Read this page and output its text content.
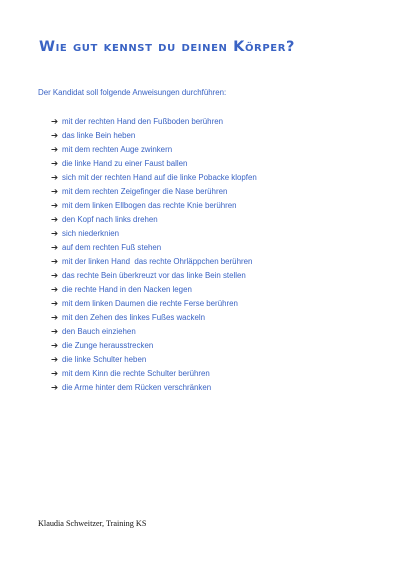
Wie gut kennst du deinen Körper?
Der Kandidat soll folgende Anweisungen durchführen:
➔ mit der rechten Hand den Fußboden berühren
➔ das linke Bein heben
➔ mit dem rechten Auge zwinkern
➔ die linke Hand zu einer Faust ballen
➔ sich mit der rechten Hand auf die linke Pobacke klopfen
➔ mit dem rechten Zeigefinger die Nase berühren
➔ mit dem linken Ellbogen das rechte Knie berühren
➔ den Kopf nach links drehen
➔ sich niederknien
➔ auf dem rechten Fuß stehen
➔ mit der linken Hand  das rechte Ohrläppchen berühren
➔ das rechte Bein überkreuzt vor das linke Bein stellen
➔ die rechte Hand in den Nacken legen
➔ mit dem linken Daumen die rechte Ferse berühren
➔ mit den Zehen des linkes Fußes wackeln
➔ den Bauch einziehen
➔ die Zunge herausstrecken
➔ die linke Schulter heben
➔ mit dem Kinn die rechte Schulter berühren
➔ die Arme hinter dem Rücken verschränken
Klaudia Schweitzer, Training KS
